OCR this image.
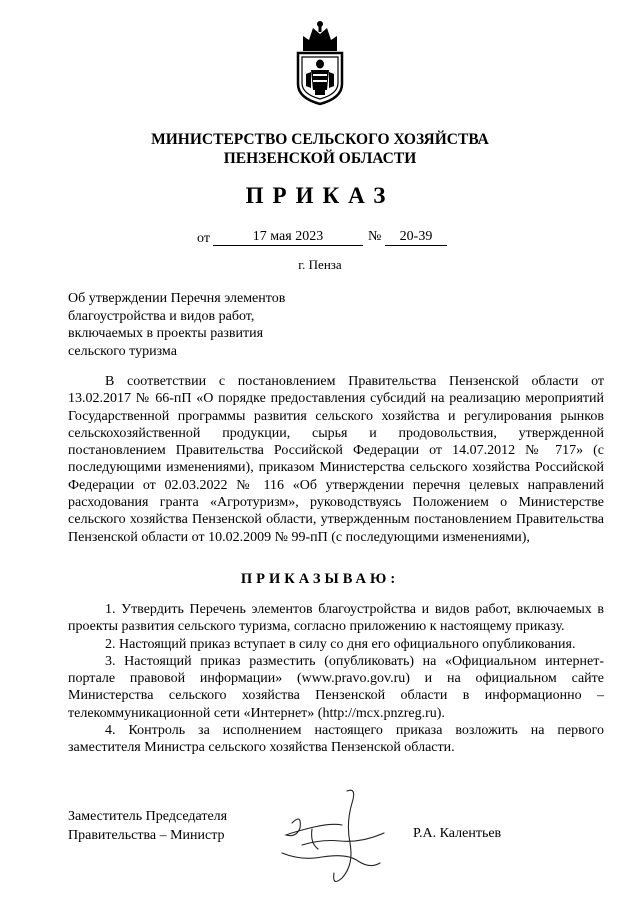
МИНИСТЕРСТВО СЕЛЬСКОГО ХОЗЯЙСТВА
ПЕНЗЕНСКОЙ ОБЛАСТИ
ПРИКАЗ
от	17 мая 2023	№	20-39
г. Пенза
Об утверждении Перечня элементов
благоустройства и видов работ,
включаемых в проекты развития
сельского туризма
В соответствии с постановлением Правительства Пензенской области от 13.02.2017 № 66-пП «О порядке предоставления субсидий на реализацию мероприятий Государственной программы развития сельского хозяйства и регулирования рынков сельскохозяйственной продукции, сырья и продовольствия, утвержденной постановлением Правительства Российской Федерации от 14.07.2012 № 717» (с последующими изменениями), приказом Министерства сельского хозяйства Российской Федерации от 02.03.2022 № 116 «Об утверждении перечня целевых направлений расходования гранта «Агротуризм», руководствуясь Положением о Министерстве сельского хозяйства Пензенской области, утвержденным постановлением Правительства Пензенской области от 10.02.2009 № 99-пП (с последующими изменениями),
ПРИКАЗЫВАЮ:

1. Утвердить Перечень элементов благоустройства и видов работ, включаемых в проекты развития сельского туризма, согласно приложению к настоящему приказу.

2. Настоящий приказ вступает в силу со дня его официального опубликования.

3. Настоящий приказ разместить (опубликовать) на «Официальном интернет-портале правовой информации» (www.pravo.gov.ru) и на официальном сайте Министерства сельского хозяйства Пензенской области в информационно – телекоммуникационной сети «Интернет» (http://mcx.pnzreg.ru).

4. Контроль за исполнением настоящего приказа возложить на первого заместителя Министра сельского хозяйства Пензенской области.

Заместитель Председателя
Правительства – Министр	Р.А. Калентьев
